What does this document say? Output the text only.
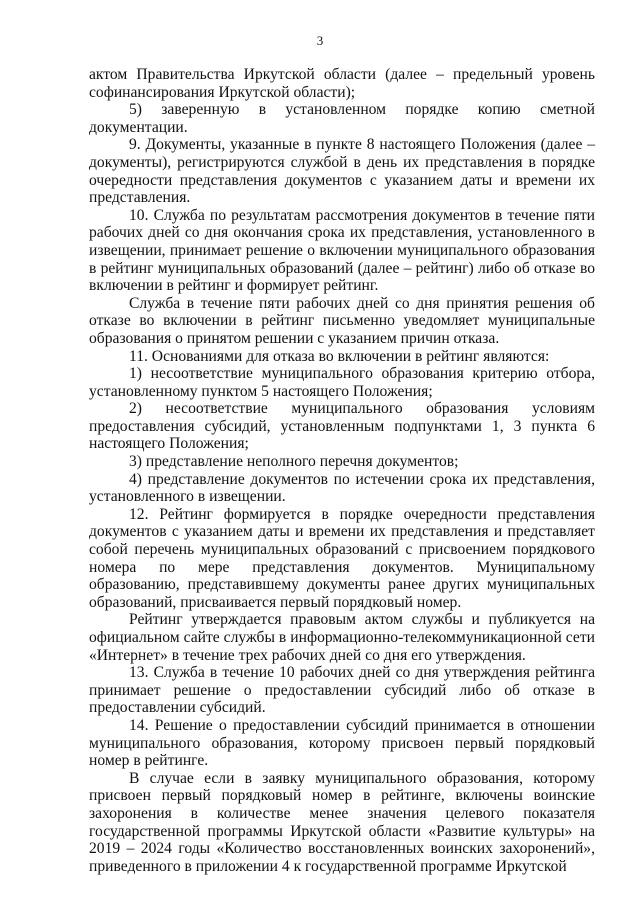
3

актом Правительства Иркутской области (далее – предельный уровень софинансирования Иркутской области);

5) заверенную в установленном порядке копию сметной документации.

9. Документы, указанные в пункте 8 настоящего Положения (далее – документы), регистрируются службой в день их представления в порядке очередности представления документов с указанием даты и времени их представления.

10. Служба по результатам рассмотрения документов в течение пяти рабочих дней со дня окончания срока их представления, установленного в извещении, принимает решение о включении муниципального образования в рейтинг муниципальных образований (далее – рейтинг) либо об отказе во включении в рейтинг и формирует рейтинг.

Служба в течение пяти рабочих дней со дня принятия решения об отказе во включении в рейтинг письменно уведомляет муниципальные образования о принятом решении с указанием причин отказа.

11. Основаниями для отказа во включении в рейтинг являются:

1) несоответствие муниципального образования критерию отбора, установленному пунктом 5 настоящего Положения;

2) несоответствие муниципального образования условиям предоставления субсидий, установленным подпунктами 1, 3 пункта 6 настоящего Положения;

3) представление неполного перечня документов;

4) представление документов по истечении срока их представления, установленного в извещении.

12. Рейтинг формируется в порядке очередности представления документов с указанием даты и времени их представления и представляет собой перечень муниципальных образований с присвоением порядкового номера по мере представления документов. Муниципальному образованию, представившему документы ранее других муниципальных образований, присваивается первый порядковый номер.

Рейтинг утверждается правовым актом службы и публикуется на официальном сайте службы в информационно-телекоммуникационной сети «Интернет» в течение трех рабочих дней со дня его утверждения.

13. Служба в течение 10 рабочих дней со дня утверждения рейтинга принимает решение о предоставлении субсидий либо об отказе в предоставлении субсидий.

14. Решение о предоставлении субсидий принимается в отношении муниципального образования, которому присвоен первый порядковый номер в рейтинге.

В случае если в заявку муниципального образования, которому присвоен первый порядковый номер в рейтинге, включены воинские захоронения в количестве менее значения целевого показателя государственной программы Иркутской области «Развитие культуры» на 2019 – 2024 годы «Количество восстановленных воинских захоронений», приведенного в приложении 4 к государственной программе Иркутской
